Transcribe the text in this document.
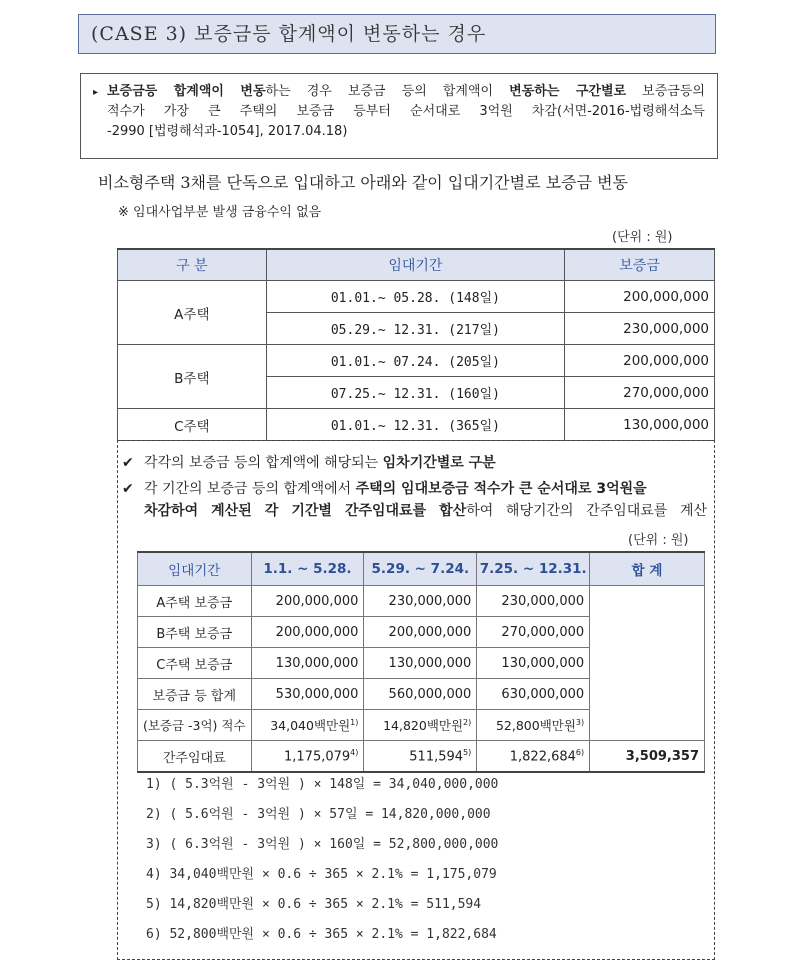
(CASE 3) 보증금등 합계액이 변동하는 경우
▸ 보증금등 합계액이 변동하는 경우 보증금 등의 합계액이 변동하는 구간별로 보증금등의
적수가 가장 큰 주택의 보증금 등부터 순서대로 3억원 차감(서면-2016-법령해석소득
-2990 [법령해석과-1054], 2017.04.18)
비소형주택 3채를 단독으로 입대하고 아래와 같이 입대기간별로 보증금 변동
※ 임대사업부분 발생 금융수익 없음
(단위 : 원)
구 분	임대기간	보증금
A주택	01.01.~ 05.28. (148일)	200,000,000
	05.29.~ 12.31. (217일)	230,000,000
B주택	01.01.~ 07.24. (205일)	200,000,000
	07.25.~ 12.31. (160일)	270,000,000
C주택	01.01.~ 12.31. (365일)	130,000,000
✔ 각각의 보증금 등의 합계액에 해당되는 임차기간별로 구분
✔ 각 기간의 보증금 등의 합계액에서 주택의 임대보증금 적수가 큰 순서대로 3억원을
차감하여 계산된 각 기간별 간주임대료를 합산하여 해당기간의 간주임대료를 계산
(단위 : 원)
임대기간	1.1. ~ 5.28.	5.29. ~ 7.24.	7.25. ~ 12.31.	합 계
A주택 보증금	200,000,000	230,000,000	230,000,000	
B주택 보증금	200,000,000	200,000,000	270,000,000	
C주택 보증금	130,000,000	130,000,000	130,000,000	
보증금 등 합계	530,000,000	560,000,000	630,000,000	
(보증금 -3억) 적수	34,040백만원$^{1)}$	14,820백만원$^{2)}$	52,800백만원$^{3)}$
간주임대료	1,175,079$^{4)}$	511,594$^{5)}$	1,822,684$^{6)}$	3,509,357
1) ( 5.3억원 - 3억원 ) × 148일 = 34,040,000,000
2) ( 5.6억원 - 3억원 ) × 57일 = 14,820,000,000
3) ( 6.3억원 - 3억원 ) × 160일 = 52,800,000,000
4) 34,040백만원 × 0.6 ÷ 365 × 2.1% = 1,175,079
5) 14,820백만원 × 0.6 ÷ 365 × 2.1% = 511,594
6) 52,800백만원 × 0.6 ÷ 365 × 2.1% = 1,822,684
